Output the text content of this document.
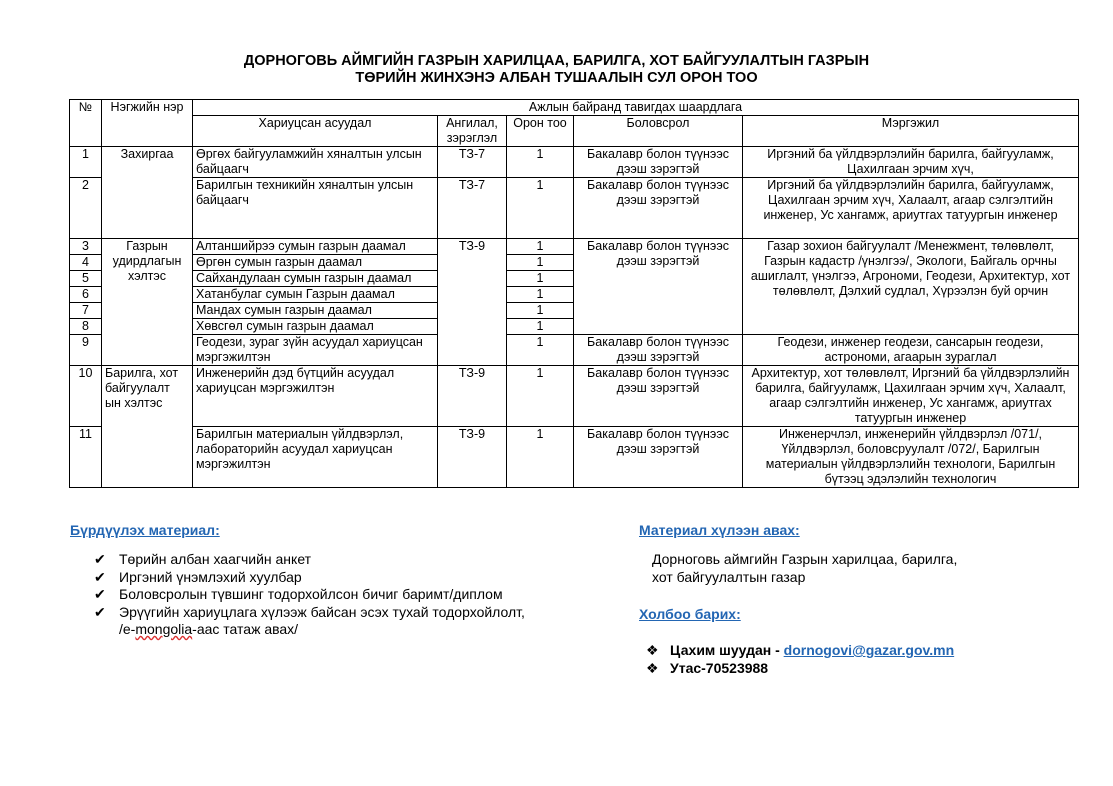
ДОРНОГОВЬ АЙМГИЙН ГАЗРЫН ХАРИЛЦАА, БАРИЛГА, ХОТ БАЙГУУЛАЛТЫН ГАЗРЫН
ТӨРИЙН ЖИНХЭНЭ АЛБАН ТУШААЛЫН СУЛ ОРОН ТОО
№	Нэгжийн нэр	Ажлын байранд тавигдах шаардлага				
		Хариуцсан асуудал	Ангилал, зэрэглэл	Орон тоо	Боловсрол	Мэргэжил
1	Захиргаа	Өргөх байгууламжийн хяналтын улсын байцаагч	ТЗ-7	1	Бакалавр болон түүнээс дээш зэрэгтэй	Иргэний ба үйлдвэрлэлийн барилга, байгууламж, Цахилгаан эрчим хүч,
2		Барилгын техникийн хяналтын улсын байцаагч	ТЗ-7	1	Бакалавр болон түүнээс дээш зэрэгтэй	Иргэний ба үйлдвэрлэлийн барилга, байгууламж, Цахилгаан эрчим хүч, Халаалт, агаар сэлгэлтийн инженер, Ус хангамж, ариутгах татуургын инженер
3	Газрын удирдлагын хэлтэс	Алтаншийрээ сумын газрын даамал	ТЗ-9	1	Бакалавр болон түүнээс дээш зэрэгтэй	Газар зохион байгуулалт /Менежмент, төлөвлөлт, Газрын кадастр /үнэлгээ/, Экологи, Байгаль орчны ашиглалт, үнэлгээ, Агрономи, Геодези, Архитектур, хот төлөвлөлт, Дэлхий судлал, Хүрээлэн буй орчин
4		Өргөн сумын газрын даамал		1		
5		Сайхандулаан сумын газрын даамал		1		
6		Хатанбулаг сумын Газрын даамал		1		
7		Мандах сумын газрын даамал		1		
8		Хөвсгөл сумын газрын даамал		1		
9		Геодези, зураг зүйн асуудал хариуцсан мэргэжилтэн		1	Бакалавр болон түүнээс дээш зэрэгтэй	Геодези, инженер геодези, сансарын геодези, астрономи, агаарын зураглал
10	Барилга, хот байгуулалт ын хэлтэс	Инженерийн дэд бүтцийн асуудал хариуцсан мэргэжилтэн	ТЗ-9	1	Бакалавр болон түүнээс дээш зэрэгтэй	Архитектур, хот төлөвлөлт, Иргэний ба үйлдвэрлэлийн барилга, байгууламж, Цахилгаан эрчим хүч, Халаалт, агаар сэлгэлтийн инженер, Ус хангамж, ариутгах татуургын инженер
11		Барилгын материалын үйлдвэрлэл, лабораторийн асуудал хариуцсан мэргэжилтэн	ТЗ-9	1	Бакалавр болон түүнээс дээш зэрэгтэй	Инженерчлэл, инженерийн үйлдвэрлэл /071/, Үйлдвэрлэл, боловсруулалт /072/, Барилгын материалын үйлдвэрлэлийн технологи, Барилгын бүтээц эдэлэлийн технологич
Бүрдүүлэх материал:
✔ Төрийн албан хаагчийн анкет
✔ Иргэний үнэмлэхий хуулбар
✔ Боловсролын түвшинг тодорхойлсон бичиг баримт/диплом
✔ Эрүүгийн хариуцлага хүлээж байсан эсэх тухай тодорхойлолт,
/e-mongolia-аас татаж авах/
Материал хүлээн авах:
Дорноговь аймгийн Газрын харилцаа, барилга,
хот байгуулалтын газар
Холбоо барих:
❖ Цахим шуудан - dornogovi@gazar.gov.mn
❖ Утас-70523988
